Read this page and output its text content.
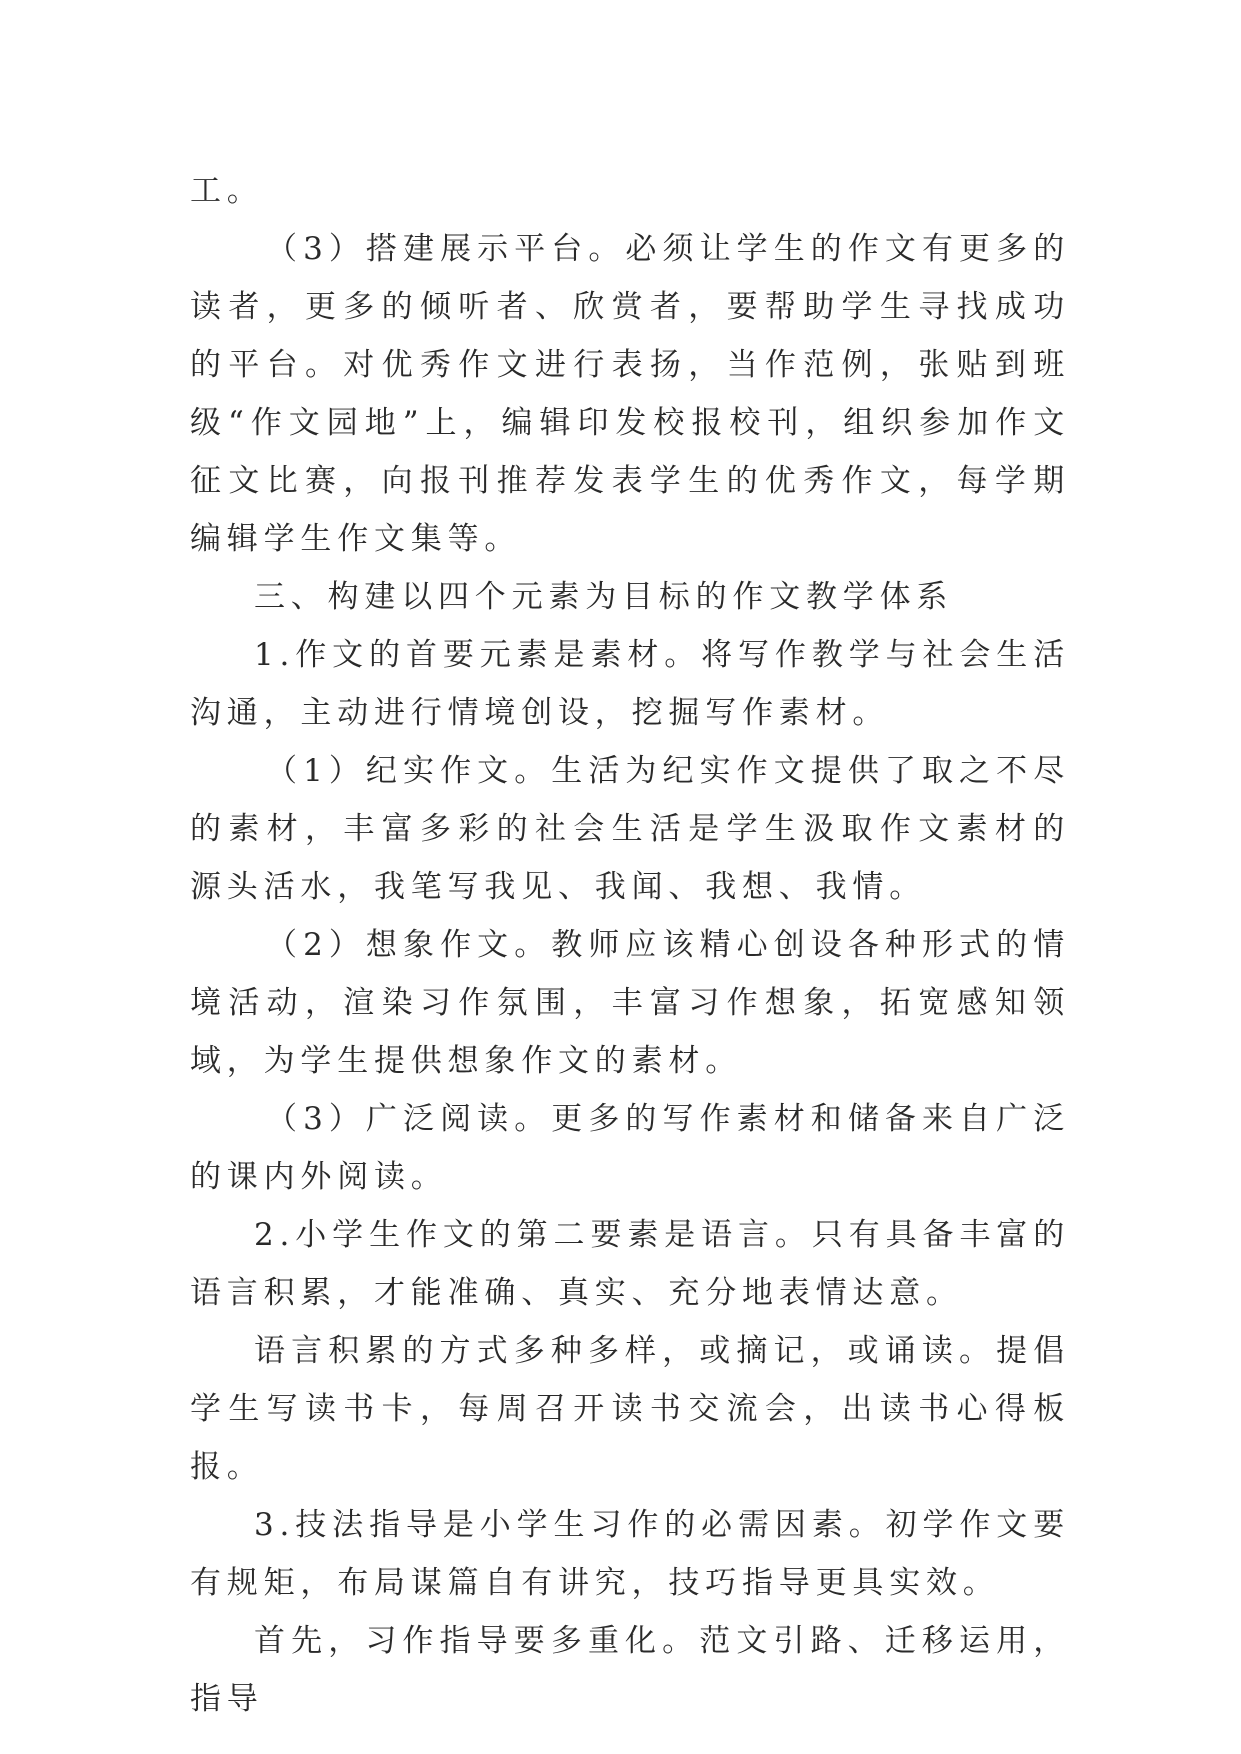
工。

（3）搭建展示平台。必须让学生的作文有更多的读者，更多的倾听者、欣赏者，要帮助学生寻找成功的平台。对优秀作文进行表扬，当作范例，张贴到班级“作文园地”上，编辑印发校报校刊，组织参加作文征文比赛，向报刊推荐发表学生的优秀作文，每学期编辑学生作文集等。

三、构建以四个元素为目标的作文教学体系

1.作文的首要元素是素材。将写作教学与社会生活沟通，主动进行情境创设，挖掘写作素材。

（1）纪实作文。生活为纪实作文提供了取之不尽的素材，丰富多彩的社会生活是学生汲取作文素材的源头活水，我笔写我见、我闻、我想、我情。

（2）想象作文。教师应该精心创设各种形式的情境活动，渲染习作氛围，丰富习作想象，拓宽感知领域，为学生提供想象作文的素材。

（3）广泛阅读。更多的写作素材和储备来自广泛的课内外阅读。

2.小学生作文的第二要素是语言。只有具备丰富的语言积累，才能准确、真实、充分地表情达意。

语言积累的方式多种多样，或摘记，或诵读。提倡学生写读书卡，每周召开读书交流会，出读书心得板报。

3.技法指导是小学生习作的必需因素。初学作文要有规矩，布局谋篇自有讲究，技巧指导更具实效。

首先，习作指导要多重化。范文引路、迁移运用，指导
